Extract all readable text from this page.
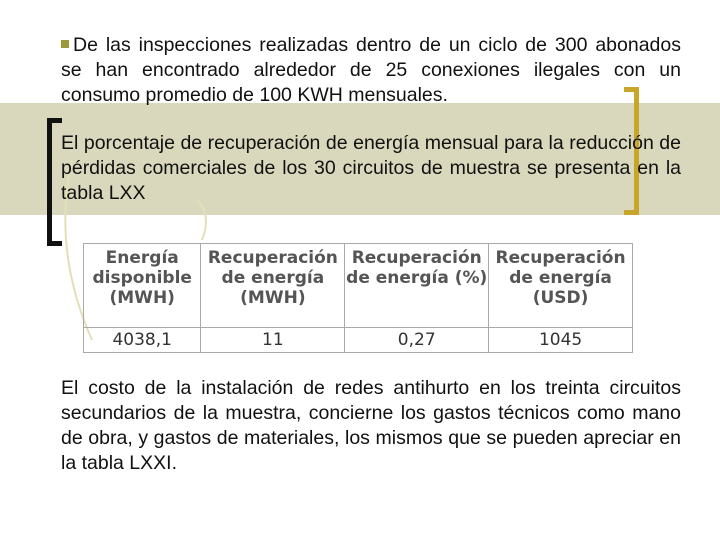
De las inspecciones realizadas dentro de un ciclo de 300 abonados se han encontrado alrededor de 25 conexiones ilegales con un consumo promedio de 100 KWH mensuales.
El porcentaje de recuperación de energía mensual para la reducción de pérdidas comerciales de los 30 circuitos de muestra se presenta en la tabla LXX
Energía disponible (MWH)	Recuperación de energía (MWH)	Recuperación de energía (%)	Recuperación de energía (USD)
4038,1	11	0,27	1045
El costo de la instalación de redes antihurto en los treinta circuitos secundarios de la muestra, concierne los gastos técnicos como mano de obra, y gastos de materiales, los mismos que se pueden apreciar en la tabla LXXI.
